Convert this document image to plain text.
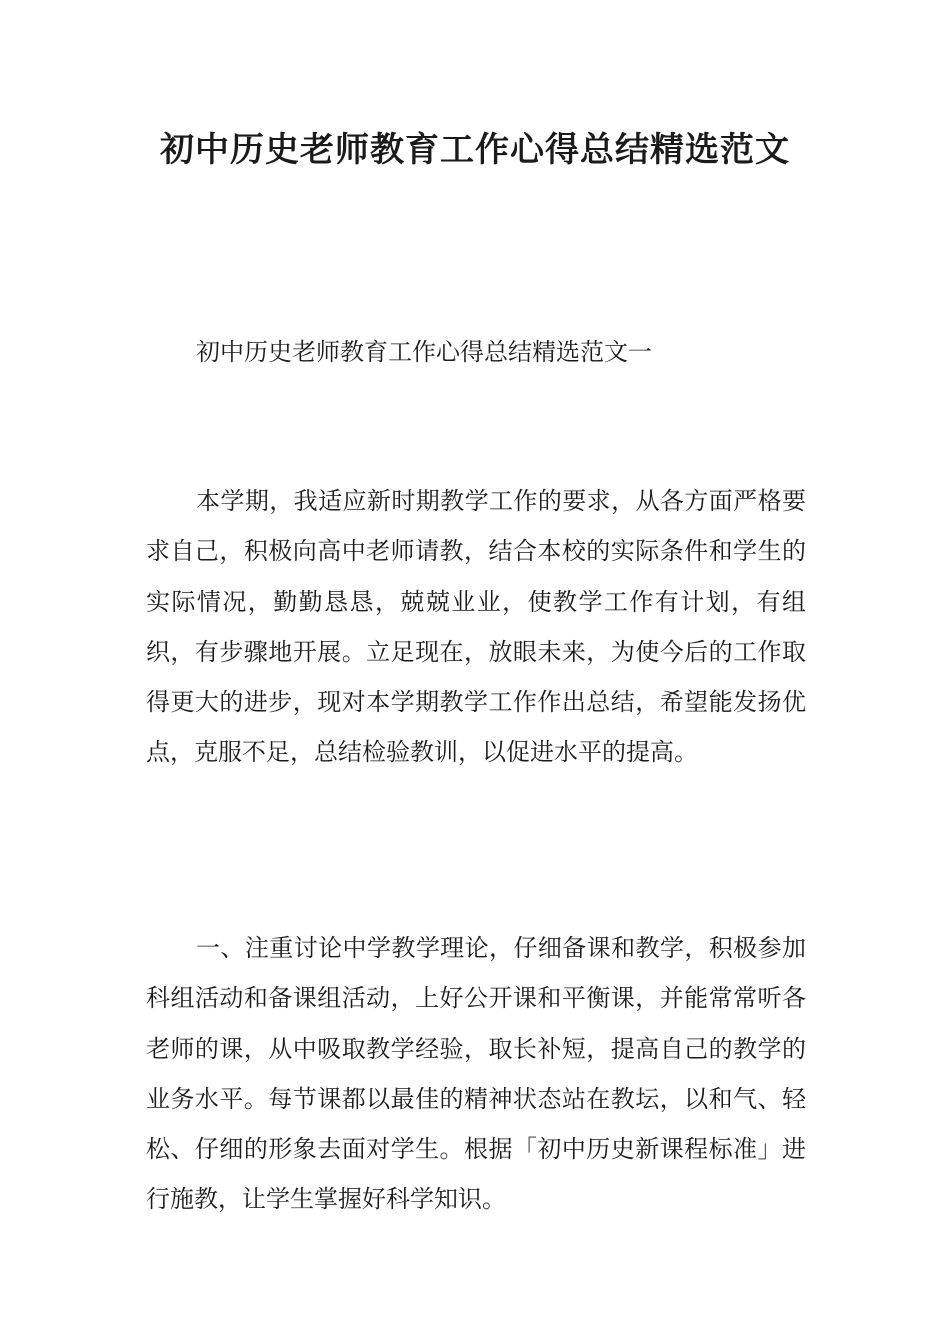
初中历史老师教育工作心得总结精选范文

初中历史老师教育工作心得总结精选范文一

本学期，我适应新时期教学工作的要求，从各方面严格要求自己，积极向高中老师请教，结合本校的实际条件和学生的实际情况，勤勤恳恳，兢兢业业，使教学工作有计划，有组织，有步骤地开展。立足现在，放眼未来，为使今后的工作取得更大的进步，现对本学期教学工作作出总结，希望能发扬优点，克服不足，总结检验教训，以促进水平的提高。

一、注重讨论中学教学理论，仔细备课和教学，积极参加科组活动和备课组活动，上好公开课和平衡课，并能常常听各老师的课，从中吸取教学经验，取长补短，提高自己的教学的业务水平。每节课都以最佳的精神状态站在教坛，以和气、轻松、仔细的形象去面对学生。根据「初中历史新课程标准」进行施教，让学生掌握好科学知识。
